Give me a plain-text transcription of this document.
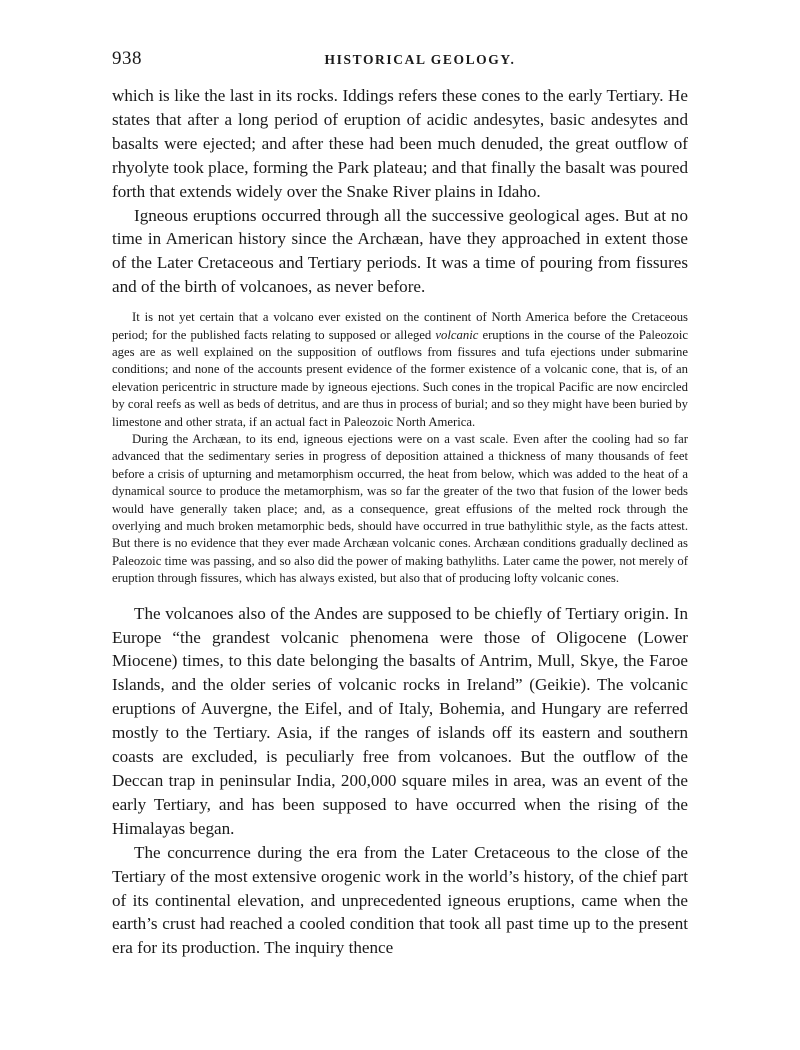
938	HISTORICAL GEOLOGY.

which is like the last in its rocks. Iddings refers these cones to the early Tertiary. He states that after a long period of eruption of acidic andesytes, basic andesytes and basalts were ejected; and after these had been much denuded, the great outflow of rhyolyte took place, forming the Park plateau; and that finally the basalt was poured forth that extends widely over the Snake River plains in Idaho.

Igneous eruptions occurred through all the successive geological ages. But at no time in American history since the Archæan, have they approached in extent those of the Later Cretaceous and Tertiary periods. It was a time of pouring from fissures and of the birth of volcanoes, as never before.

It is not yet certain that a volcano ever existed on the continent of North America before the Cretaceous period; for the published facts relating to supposed or alleged volcanic eruptions in the course of the Paleozoic ages are as well explained on the supposition of outflows from fissures and tufa ejections under submarine conditions; and none of the accounts present evidence of the former existence of a volcanic cone, that is, of an elevation pericentric in structure made by igneous ejections. Such cones in the tropical Pacific are now encircled by coral reefs as well as beds of detritus, and are thus in process of burial; and so they might have been buried by limestone and other strata, if an actual fact in Paleozoic North America.

During the Archæan, to its end, igneous ejections were on a vast scale. Even after the cooling had so far advanced that the sedimentary series in progress of deposition attained a thickness of many thousands of feet before a crisis of upturning and metamorphism occurred, the heat from below, which was added to the heat of a dynamical source to produce the metamorphism, was so far the greater of the two that fusion of the lower beds would have generally taken place; and, as a consequence, great effusions of the melted rock through the overlying and much broken metamorphic beds, should have occurred in true bathylithic style, as the facts attest. But there is no evidence that they ever made Archæan volcanic cones. Archæan conditions gradually declined as Paleozoic time was passing, and so also did the power of making bathyliths. Later came the power, not merely of eruption through fissures, which has always existed, but also that of producing lofty volcanic cones.

The volcanoes also of the Andes are supposed to be chiefly of Tertiary origin. In Europe “the grandest volcanic phenomena were those of Oligocene (Lower Miocene) times, to this date belonging the basalts of Antrim, Mull, Skye, the Faroe Islands, and the older series of volcanic rocks in Ireland” (Geikie). The volcanic eruptions of Auvergne, the Eifel, and of Italy, Bohemia, and Hungary are referred mostly to the Tertiary. Asia, if the ranges of islands off its eastern and southern coasts are excluded, is peculiarly free from volcanoes. But the outflow of the Deccan trap in peninsular India, 200,000 square miles in area, was an event of the early Tertiary, and has been supposed to have occurred when the rising of the Himalayas began.

The concurrence during the era from the Later Cretaceous to the close of the Tertiary of the most extensive orogenic work in the world’s history, of the chief part of its continental elevation, and unprecedented igneous eruptions, came when the earth’s crust had reached a cooled condition that took all past time up to the present era for its production. The inquiry thence
